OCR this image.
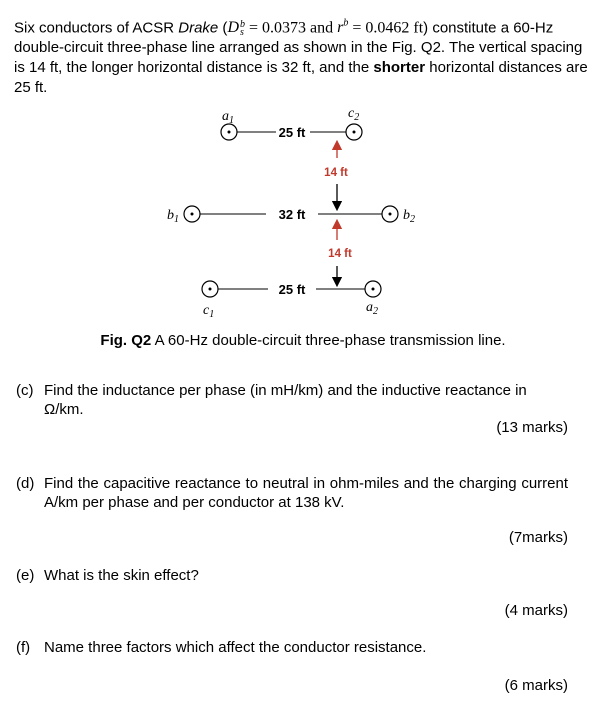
Six conductors of ACSR Drake (D b
s = 0.0373 and $r^b = 0.0462$ ft) constitute a 60-Hz double-circuit three-phase line arranged as shown in the Fig. Q2. The vertical spacing is 14 ft, the longer horizontal distance is 32 ft, and the shorter horizontal distances are 25 ft.
25 ft
$a_1$	$c_2$
14 ft
$b_1$	32 ft	$b_2$
14 ft
25 ft
$c_1$	$a_2$
Fig. Q2 A 60-Hz double-circuit three-phase transmission line.
(c) Find the inductance per phase (in mH/km) and the inductive reactance in Ω/km.
(13 marks)
(d) Find the capacitive reactance to neutral in ohm-miles and the charging current A/km per phase and per conductor at 138 kV.
(7marks)
(e) What is the skin effect?
(4 marks)
(f) Name three factors which affect the conductor resistance.
(6 marks)
